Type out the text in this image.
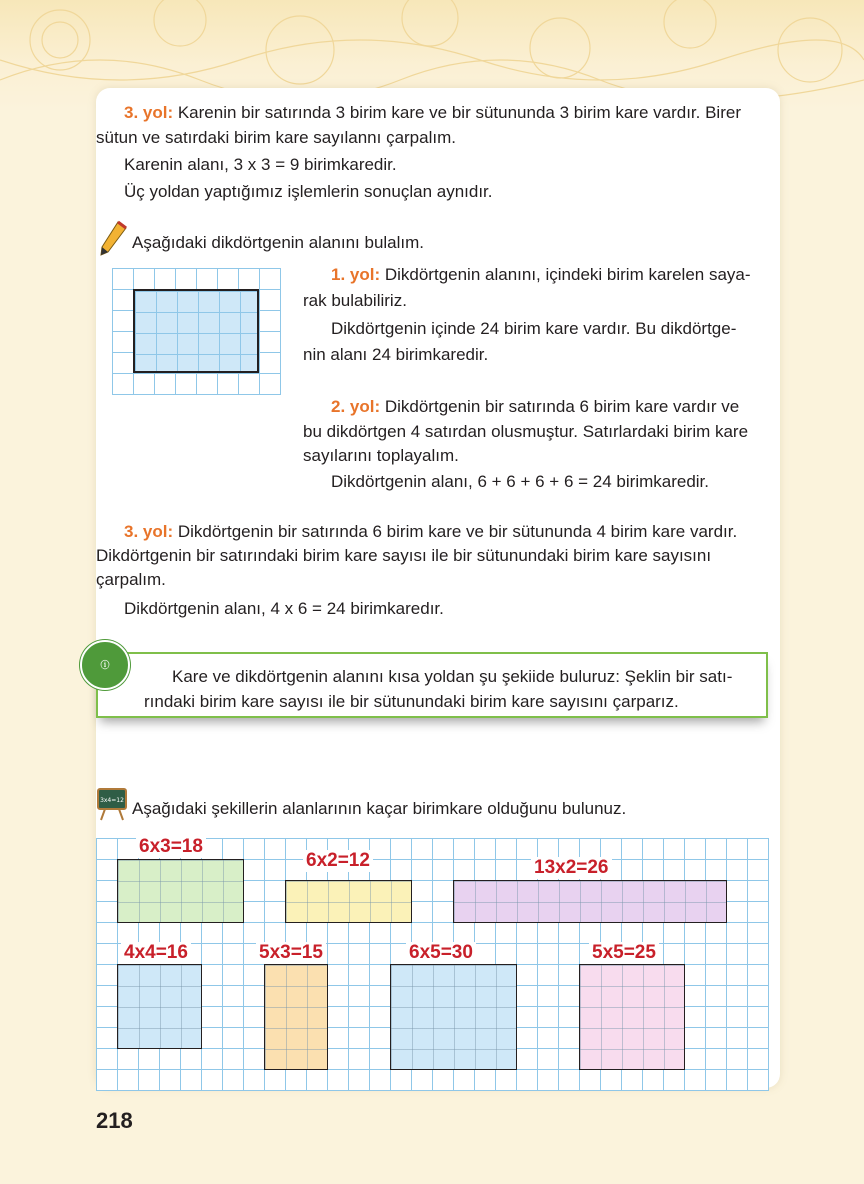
3. yol: Karenin bir satırında 3 birim kare ve bir sütununda 3 birim kare vardır. Birer
sütun ve satırdaki birim kare sayılannı çarpalım.
Karenin alanı, 3 x 3 = 9 birimkaredir.
Üç yoldan yaptığımız işlemlerin sonuçlan aynıdır.
Aşağıdaki dikdörtgenin alanını bulalım.
1. yol: Dikdörtgenin alanını, içindeki birim karelen saya-
rak bulabiliriz.
Dikdörtgenin içinde 24 birim kare vardır. Bu dikdörtge-
nin alanı 24 birimkaredir.
2. yol: Dikdörtgenin bir satırında 6 birim kare vardır ve
bu dikdörtgen 4 satırdan olusmuştur. Satırlardaki birim kare
sayılarını toplayalım.
Dikdörtgenin alanı, 6 + 6 + 6 + 6 = 24 birimkaredir.
3. yol: Dikdörtgenin bir satırında 6 birim kare ve bir sütununda 4 birim kare vardır.
Dikdörtgenin bir satırındaki birim kare sayısı ile bir sütunundaki birim kare sayısını
çarpalım.
Dikdörtgenin alanı, 4 x 6 = 24 birimkaredır.
ⓘ
Kare ve dikdörtgenin alanını kısa yoldan şu şekiide buluruz: Şeklin bir satı-
rındaki birim kare sayısı ile bir sütunundaki birim kare sayısını çarparız.
3x4=12 Aşağıdaki şekillerin alanlarının kaçar birimkare olduğunu bulunuz.
6x3=18
6x2=12	13x2=26
4x4=16	5x3=15	6x5=30	5x5=25
218
